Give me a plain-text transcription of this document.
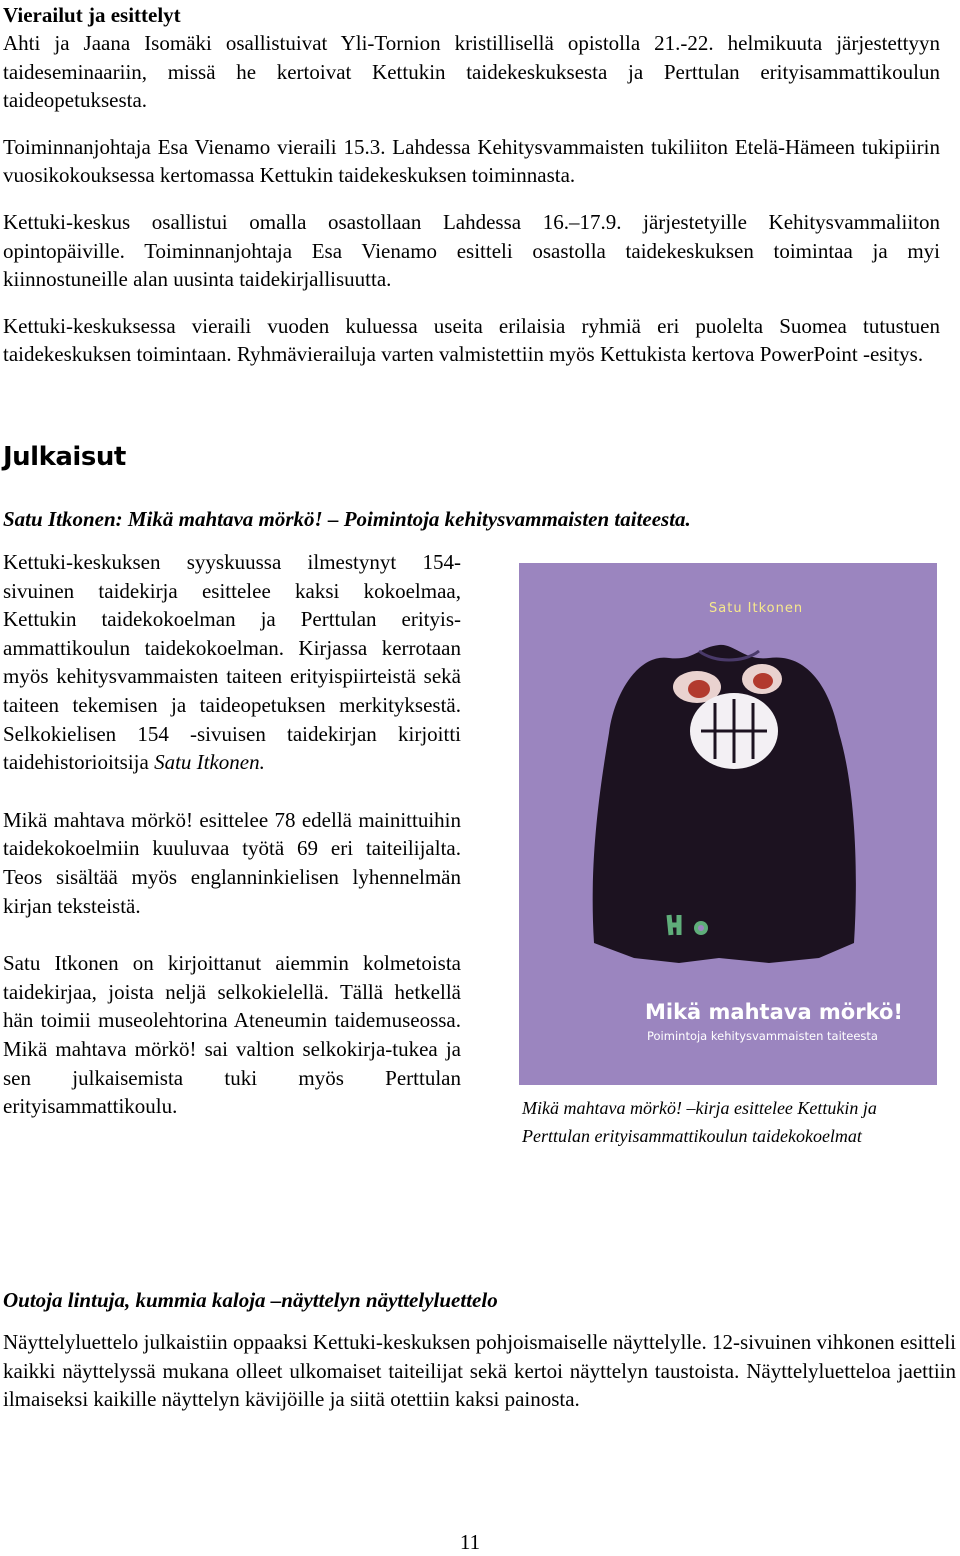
Vierailut ja esittelyt

Ahti ja Jaana Isomäki osallistuivat Yli-Tornion kristillisellä opistolla 21.-22. helmikuuta järjestettyyn taideseminaariin, missä he kertoivat Kettukin taidekeskuksesta ja Perttulan erityisammattikoulun taideopetuksesta.

Toiminnanjohtaja Esa Vienamo vieraili 15.3. Lahdessa Kehitysvammaisten tukiliiton Etelä-Hämeen tukipiirin vuosikokouksessa kertomassa Kettukin taidekeskuksen toiminnasta.

Kettuki-keskus osallistui omalla osastollaan Lahdessa 16.–17.9. järjestetyille Kehitysvammaliiton opintopäiville. Toiminnanjohtaja Esa Vienamo esitteli osastolla taidekeskuksen toimintaa ja myi kiinnostuneille alan uusinta taidekirjallisuutta.

Kettuki-keskuksessa vieraili vuoden kuluessa useita erilaisia ryhmiä eri puolelta Suomea tutustuen taidekeskuksen toimintaan. Ryhmävierailuja varten valmistettiin myös Kettukista kertova PowerPoint -esitys.

Julkaisut

Satu Itkonen: Mikä mahtava mörkö! – Poimintoja kehitysvammaisten taiteesta.

Kettuki-keskuksen syyskuussa ilmestynyt 154-sivuinen taidekirja esittelee kaksi kokoelmaa, Kettukin taidekokoelman ja Perttulan erityis-ammattikoulun taidekokoelman. Kirjassa kerrotaan myös kehitysvammaisten taiteen erityispiirteistä sekä taiteen tekemisen ja taideopetuksen merkityksestä. Selkokielisen 154 -sivuisen taidekirjan kirjoitti taidehistorioitsija Satu Itkonen.

Mikä mahtava mörkö! esittelee 78 edellä mainittuihin taidekokoelmiin kuuluvaa työtä 69 eri taiteilijalta. Teos sisältää myös englanninkielisen lyhennelmän kirjan teksteistä.

Satu Itkonen on kirjoittanut aiemmin kolmetoista taidekirjaa, joista neljä selkokielellä. Tällä hetkellä hän toimii museolehtorina Ateneumin taidemuseossa. Mikä mahtava mörkö! sai valtion selkokirja-tukea ja sen julkaisemista tuki myös Perttulan erityisammattikoulu.

Satu Itkonen
Mikä mahtava mörkö!
Poimintoja kehitysvammaisten taiteesta

Mikä mahtava mörkö! –kirja esittelee Kettukin ja Perttulan erityisammattikoulun taidekokoelmat

Outoja lintuja, kummia kaloja –näyttelyn näyttelyluettelo

Näyttelyluettelo julkaistiin oppaaksi Kettuki-keskuksen pohjoismaiselle näyttelylle. 12-sivuinen vihkonen esitteli kaikki näyttelyssä mukana olleet ulkomaiset taiteilijat sekä kertoi näyttelyn taustoista. Näyttelyluetteloa jaettiin ilmaiseksi kaikille näyttelyn kävijöille ja siitä otettiin kaksi painosta.

11
